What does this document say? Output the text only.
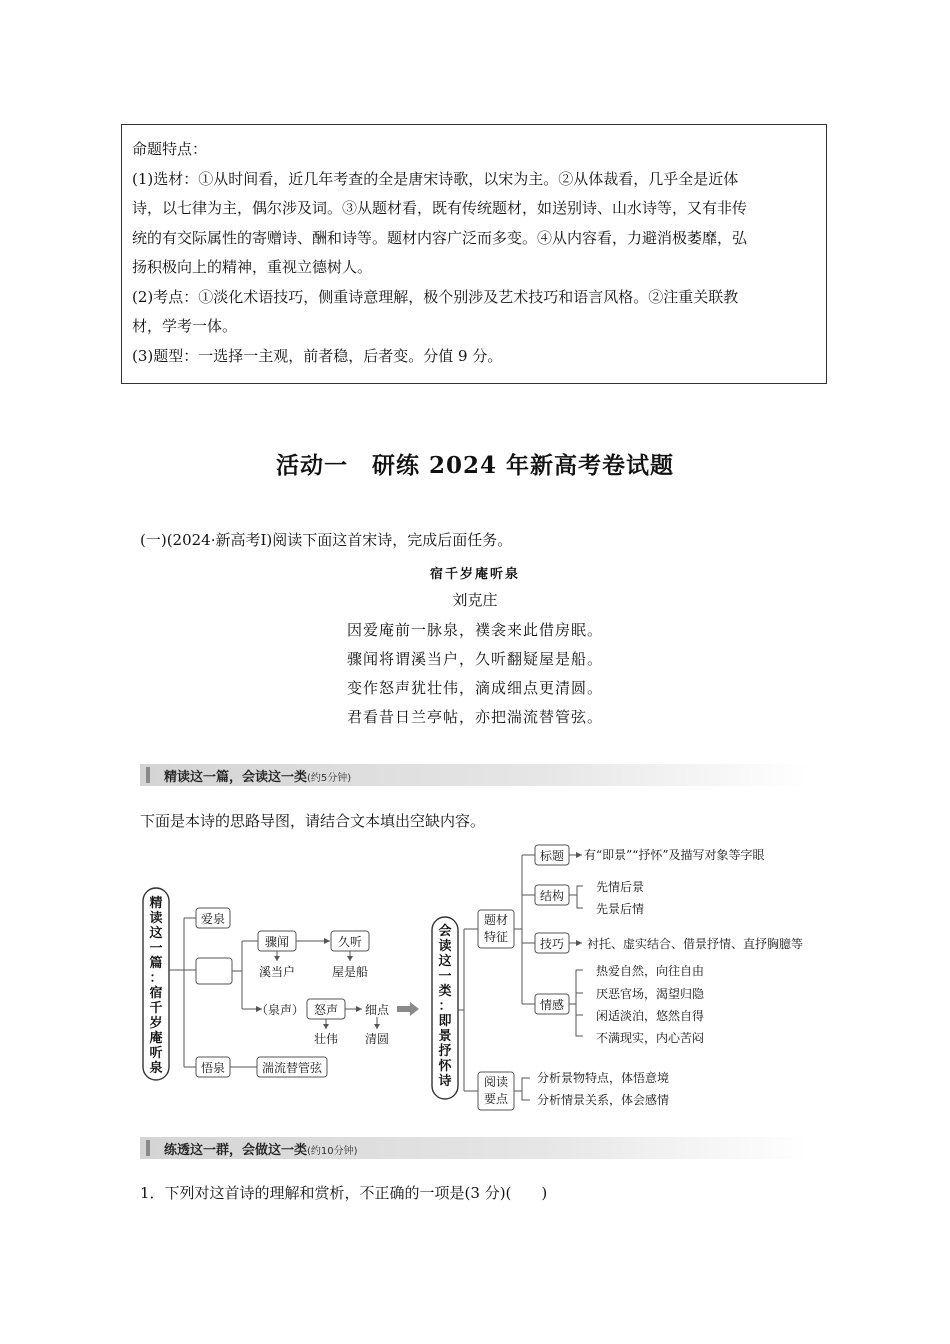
命题特点：

(1)选材：①从时间看，近几年考查的全是唐宋诗歌，以宋为主。②从体裁看，几乎全是近体

诗，以七律为主，偶尔涉及词。③从题材看，既有传统题材，如送别诗、山水诗等，又有非传

统的有交际属性的寄赠诗、酬和诗等。题材内容广泛而多变。④从内容看，力避消极萎靡，弘

扬积极向上的精神，重视立德树人。

(2)考点：①淡化术语技巧，侧重诗意理解，极个别涉及艺术技巧和语言风格。②注重关联教

材，学考一体。

(3)题型：一选择一主观，前者稳，后者变。分值 9 分。

活动一　研练 2024 年新高考卷试题
(一)(2024·新高考Ⅰ)阅读下面这首宋诗，完成后面任务。
宿千岁庵听泉
刘克庄
因爱庵前一脉泉，襆衾来此借房眠。
骤闻将谓溪当户，久听翻疑屋是船。
变作怒声犹壮伟，滴成细点更清圆。
君看昔日兰亭帖，亦把湍流替管弦。
精读这一篇，会读这一类(约5分钟)
下面是本诗的思路导图，请结合文本填出空缺内容。
精
读
这
一
篇
：
宿
千
岁
庵
听
泉
爱泉
悟泉	湍流替管弦
骤闻	久听
溪当户	屋是船
（泉声） 怒声	细点
壮伟	清圆
会
读
这
一
类
：
即
景
抒
怀
诗
题材
特征
阅读
要点
标题	有“即景”“抒怀”及描写对象等字眼
结构
先情后景
先景后情
技巧	衬托、虚实结合、借景抒情、直抒胸臆等
情感
热爱自然，向往自由
厌恶官场，渴望归隐
闲适淡泊，悠然自得
不满现实，内心苦闷
分析景物特点，体悟意境
分析情景关系，体会感情
练透这一群，会做这一类(约10分钟)
1．下列对这首诗的理解和赏析，不正确的一项是(3 分)(　　)
